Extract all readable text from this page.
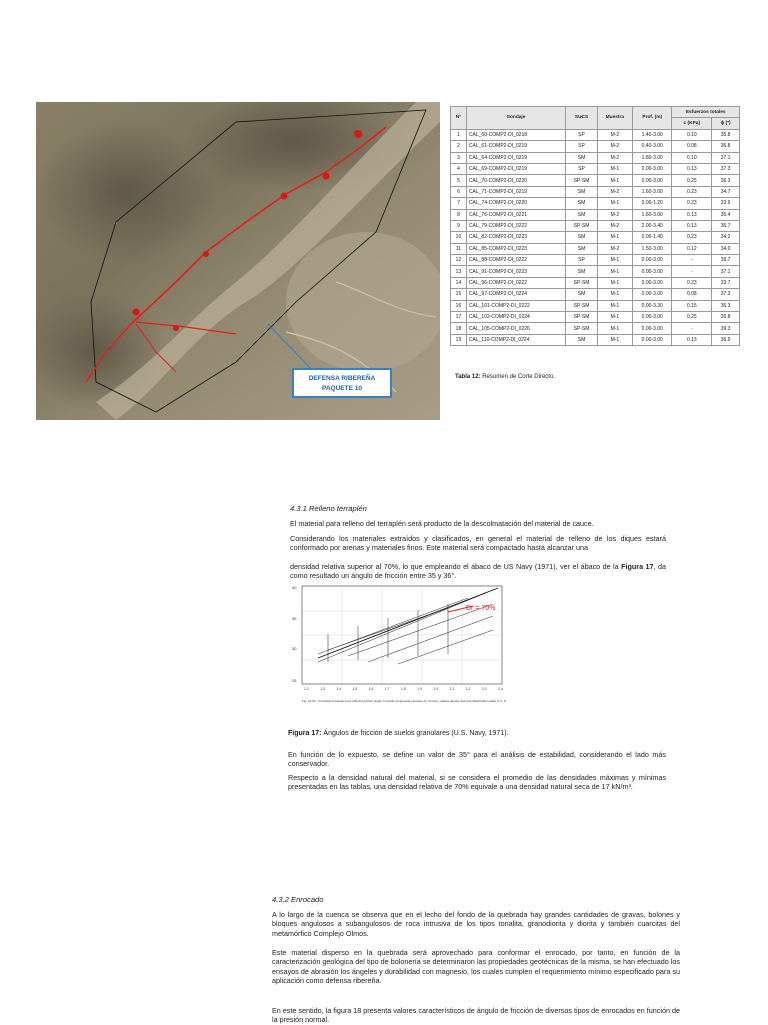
DEFENSA RIBEREÑA
PAQUETE 10
N°	Sondaje	SUCS	Muestra	Prof. (m)	Esfuerzos totales	
					c (KPa)	ϕ (°)
1	CAL_60-COMP2-DI_0218	SP	M-2	1.40-3.00	0.10	35.8
2	CAL_61-COMP2-DI_0219	SP	M-2	0.40-3.00	0.08	36.8
3	CAL_64-COMP2-DI_0219	SM	M-2	1.80-3.00	0.10	37.1
4	CAL_69-COMP2-DI_0219	SP	M-1	0.00-3.00	0.13	37.3
5	CAL_70-COMP2-DI_0220	SP-SM	M-1	0.00-3.00	0.25	36.3
6	CAL_71-COMP2-DI_0219	SM	M-2	1.60-3.00	0.23	34.7
7	CAL_74-COMP2-DI_0220	SM	M-1	0.00-1.20	0.23	33.9
8	CAL_76-COMP2-DI_0221	SM	M-2	1.60-3.00	0.13	35.4
9	CAL_79-COMP2-DI_0222	SP-SM	M-2	2.00-3.40	0.13	36.7
10	CAL_82-COMP2-DI_0223	SM	M-1	0.00-1.40	0.23	34.2
11	CAL_85-COMP2-DI_0223	SM	M-2	1.50-3.00	0.12	34.0
12	CAL_88-COMP2-DI_0222	SP	M-1	0.00-3.00	-	39.7
13	CAL_91-COMP2-DI_0223	SM	M-1	0.00-3.00	-	37.1
14	CAL_96-COMP2-DI_0222	SP-SM	M-1	0.00-3.00	0.23	33.7
15	CAL_97-COMP2-DI_0224	SM	M-1	0.00-3.00	0.08	37.3
16	CAL_101-COMP2-DI_0222	SP-SM	M-1	0.00-3.30	0.15	36.3
17	CAL_102-COMP2-DI_0224	SP-SM	M-1	0.00-3.00	0.25	35.8
18	CAL_105-COMP2-DI_0226	SP-SM	M-1	0.00-3.00	-	39.3
19	CAL_110-COMP2-DI_0224	SM	M-1	0.00-3.00	0.13	36.9
Tabla 12: Resumen de Corte Directo.
4.3.1 Relleno terraplén
El material para relleno del terraplén será producto de la descolmatación del material de cauce.
Considerando los materiales extraídos y clasificados, en general el material de relleno de los diques estará conformado por arenas y materiales finos. Este material será compactado hasta alcanzar una
densidad relativa superior al 70%, lo que empleando el ábaco de US Navy (1971), ver el ábaco de la Figura 17, da como resultado un ángulo de fricción entre 35 y 36°.
Dr = 70%
40
35
30
25
1.2	1.3	1.4	1.5	1.6	1.7	1.8	1.9	2.0	2.1	2.2	2.3	2.4
Fig. 10-56 · Correlations between the effective friction angle in triaxial compression and the dry density, relative density and soil classification (after U.S. Navy, 1971).
Figura 17: Ángulos de fricción de suelos granulares (U.S. Navy, 1971).
En función de lo expuesto, se define un valor de 35° para el análisis de estabilidad, considerando el lado más conservador.
Respecto a la densidad natural del material, si se considera el promedio de las densidades máximas y mínimas presentadas en las tablas, una densidad relativa de 70% equivale a una densidad natural seca de 17 kN/m³.
4.3.2 Enrocado
A lo largo de la cuenca se observa que en el lecho del fondo de la quebrada hay grandes cantidades de gravas, bolones y bloques angulosos a subangulosos de roca intrusiva de los tipos tonalita, granodiorita y diorita y también cuarcitas del metamórfico Complejo Olmos.
Este material disperso en la quebrada será aprovechado para conformar el enrocado, por tanto, en función de la caracterización geológica del tipo de bolonería se determinaron las propiedades geotécnicas de la misma, se han efectuado los ensayos de abrasión los ángeles y durabilidad con magnesio, los cuales cumplen el requerimiento mínimo especificado para su aplicación como defensa ribereña.
En este sentido, la figura 18 presenta valores característicos de ángulo de fricción de diversos tipos de enrocados en función de la presión normal.
